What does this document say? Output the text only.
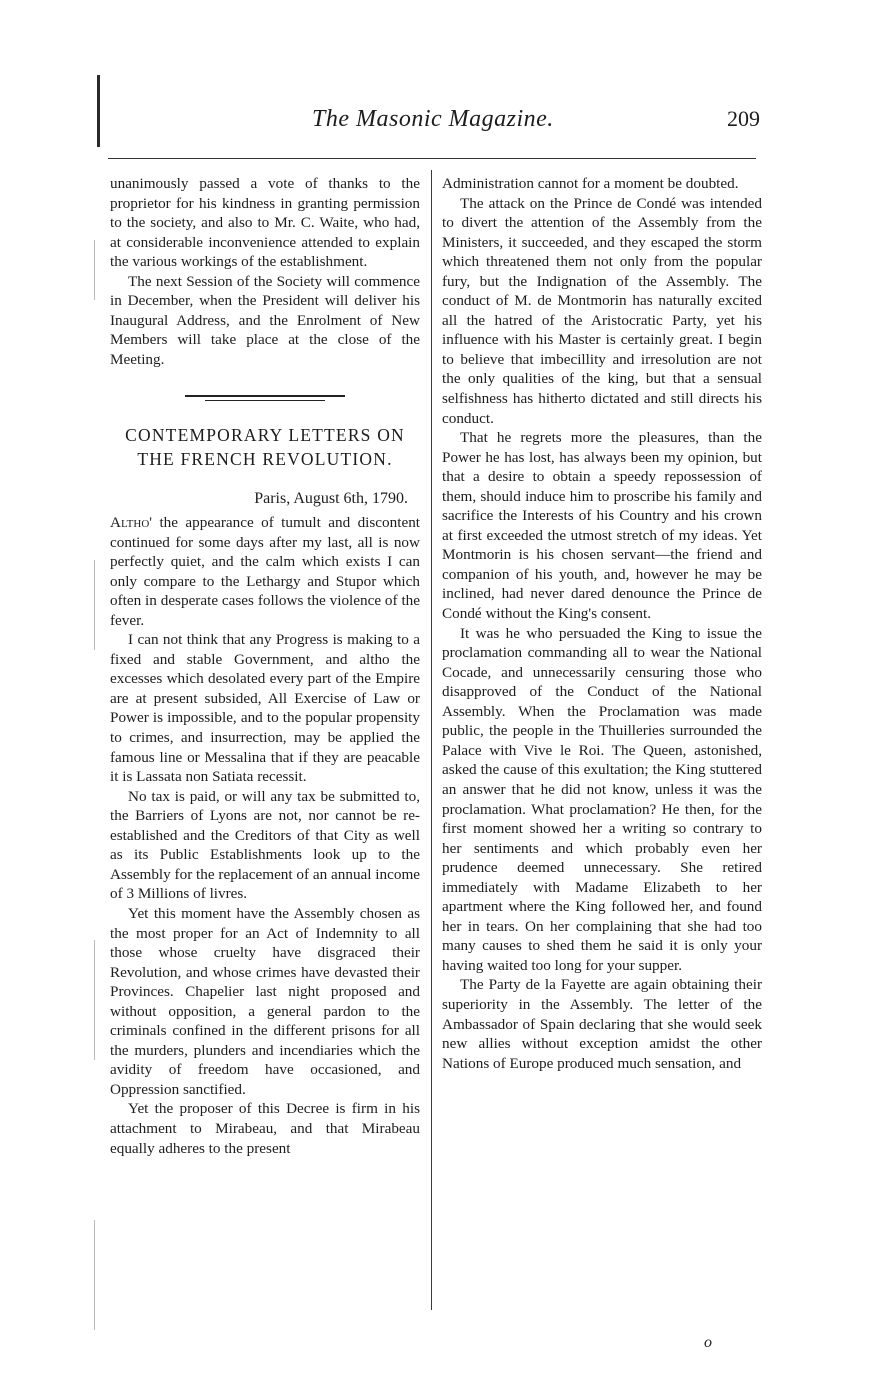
The Masonic Magazine.	209

unanimously passed a vote of thanks to the proprietor for his kindness in granting permission to the society, and also to Mr. C. Waite, who had, at considerable inconvenience attended to explain the various workings of the establishment.

The next Session of the Society will commence in December, when the President will deliver his Inaugural Address, and the Enrolment of New Members will take place at the close of the Meeting.

CONTEMPORARY LETTERS ON
THE FRENCH REVOLUTION.
Paris, August 6th, 1790.

Altho' the appearance of tumult and discontent continued for some days after my last, all is now perfectly quiet, and the calm which exists I can only compare to the Lethargy and Stupor which often in desperate cases follows the violence of the fever.

I can not think that any Progress is making to a fixed and stable Government, and altho the excesses which desolated every part of the Empire are at present subsided, All Exercise of Law or Power is impossible, and to the popular propensity to crimes, and insurrection, may be applied the famous line or Messalina that if they are peacable it is Lassata non Satiata recessit.

No tax is paid, or will any tax be submitted to, the Barriers of Lyons are not, nor cannot be re-established and the Creditors of that City as well as its Public Establishments look up to the Assembly for the replacement of an annual income of 3 Millions of livres.

Yet this moment have the Assembly chosen as the most proper for an Act of Indemnity to all those whose cruelty have disgraced their Revolution, and whose crimes have devasted their Provinces. Chapelier last night proposed and without opposition, a general pardon to the criminals confined in the different prisons for all the murders, plunders and incendiaries which the avidity of freedom have occasioned, and Oppression sanctified.

Yet the proposer of this Decree is firm in his attachment to Mirabeau, and that Mirabeau equally adheres to the present

Administration cannot for a moment be doubted.

The attack on the Prince de Condé was intended to divert the attention of the Assembly from the Ministers, it succeeded, and they escaped the storm which threatened them not only from the popular fury, but the Indignation of the Assembly. The conduct of M. de Montmorin has naturally excited all the hatred of the Aristocratic Party, yet his influence with his Master is certainly great. I begin to believe that imbecillity and irresolution are not the only qualities of the king, but that a sensual selfishness has hitherto dictated and still directs his conduct.

That he regrets more the pleasures, than the Power he has lost, has always been my opinion, but that a desire to obtain a speedy repossession of them, should induce him to proscribe his family and sacrifice the Interests of his Country and his crown at first exceeded the utmost stretch of my ideas. Yet Montmorin is his chosen servant—the friend and companion of his youth, and, however he may be inclined, had never dared denounce the Prince de Condé without the King's consent.

It was he who persuaded the King to issue the proclamation commanding all to wear the National Cocade, and unnecessarily censuring those who disapproved of the Conduct of the National Assembly. When the Proclamation was made public, the people in the Thuilleries surrounded the Palace with Vive le Roi. The Queen, astonished, asked the cause of this exultation; the King stuttered an answer that he did not know, unless it was the proclamation. What proclamation? He then, for the first moment showed her a writing so contrary to her sentiments and which probably even her prudence deemed unnecessary. She retired immediately with Madame Elizabeth to her apartment where the King followed her, and found her in tears. On her complaining that she had too many causes to shed them he said it is only your having waited too long for your supper.

The Party de la Fayette are again obtaining their superiority in the Assembly. The letter of the Ambassador of Spain declaring that she would seek new allies without exception amidst the other Nations of Europe produced much sensation, and

o
